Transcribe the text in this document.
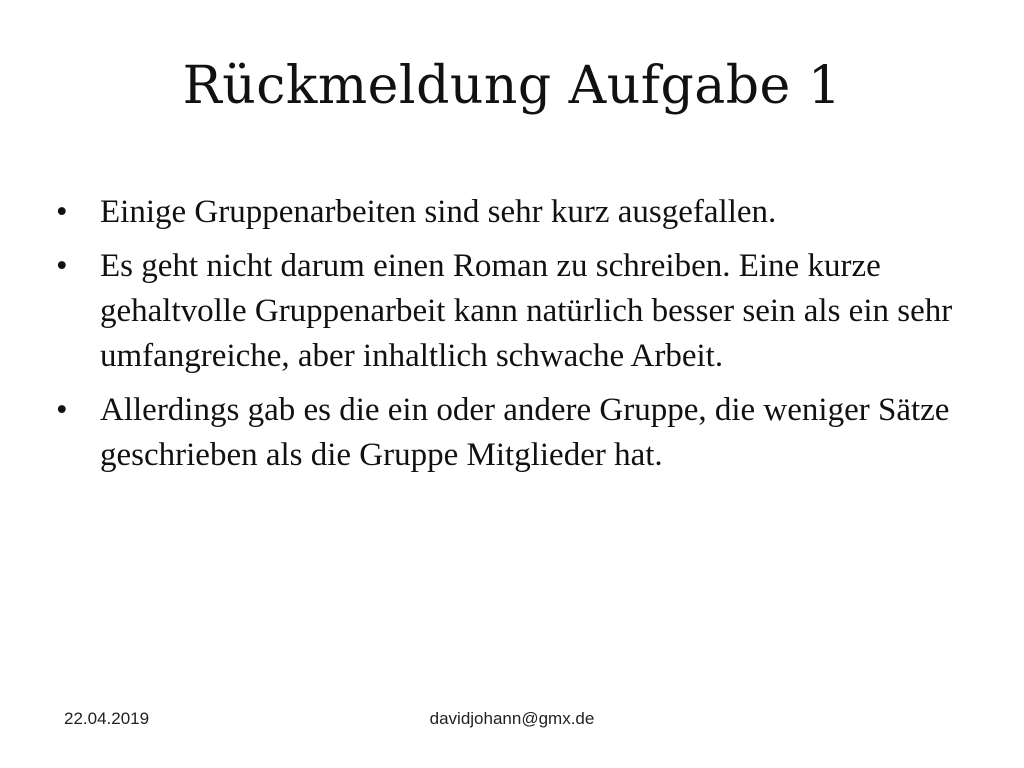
Rückmeldung Aufgabe 1
• Einige Gruppenarbeiten sind sehr kurz ausgefallen.
• Es geht nicht darum einen Roman zu schreiben. Eine kurze gehaltvolle Gruppenarbeit kann natürlich besser sein als ein sehr umfangreiche, aber inhaltlich schwache Arbeit.
• Allerdings gab es die ein oder andere Gruppe, die weniger Sätze geschrieben als die Gruppe Mitglieder hat.
22.04.2019	davidjohann@gmx.de
